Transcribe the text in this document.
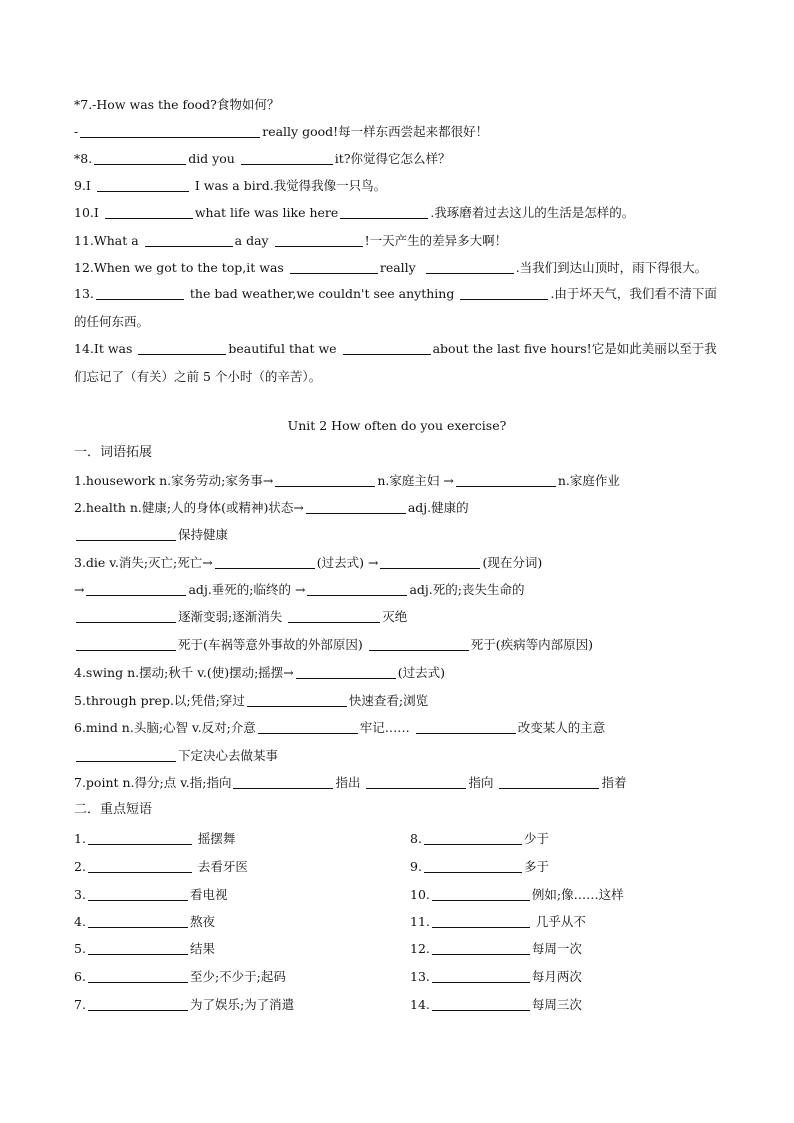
*7.-How was the food?食物如何？
-	really good!每一样东西尝起来都很好！
*8.	did you	it?你觉得它怎么样？
9.I	I was a bird.我觉得我像一只鸟。
10.I	what life was like here	.我琢磨着过去这儿的生活是怎样的。
11.What a	a day	!一天产生的差异多大啊！
12.When we got to the top,it was	really	.当我们到达山顶时，雨下得很大。
13.	the bad weather,we couldn't see anything	.由于坏天气，我们看不清下面的任何东西。
14.It was	beautiful that we	about the last five hours!它是如此美丽以至于我们忘记了（有关）之前 5 个小时（的辛苦）。
Unit 2 How often do you exercise?
一．词语拓展
1.housework n.家务劳动;家务事→	n.家庭主妇 →	n.家庭作业
2.health n.健康;人的身体(或精神)状态→	adj.健康的
保持健康
3.die v.消失;灭亡;死亡→	(过去式) →	(现在分词)
→	adj.垂死的;临终的 →	adj.死的;丧失生命的
逐渐变弱;逐渐消失	灭绝
死于(车祸等意外事故的外部原因)	死于(疾病等内部原因)
4.swing n.摆动;秋千 v.(使)摆动;摇摆→	(过去式)
5.through prep.以;凭借;穿过	快速查看;浏览
6.mind n.头脑;心智 v.反对;介意	牢记……	改变某人的主意
下定决心去做某事
7.point n.得分;点 v.指;指向	指出	指向	指着
二．重点短语
1.	摇摆舞
2.	去看牙医
3.	看电视
4.	熬夜
5.	结果
6.	至少;不少于;起码
7.	为了娱乐;为了消遣
8.	少于
9.	多于
10.	例如;像……这样
11.	几乎从不
12.	每周一次
13.	每月两次
14.	每周三次
